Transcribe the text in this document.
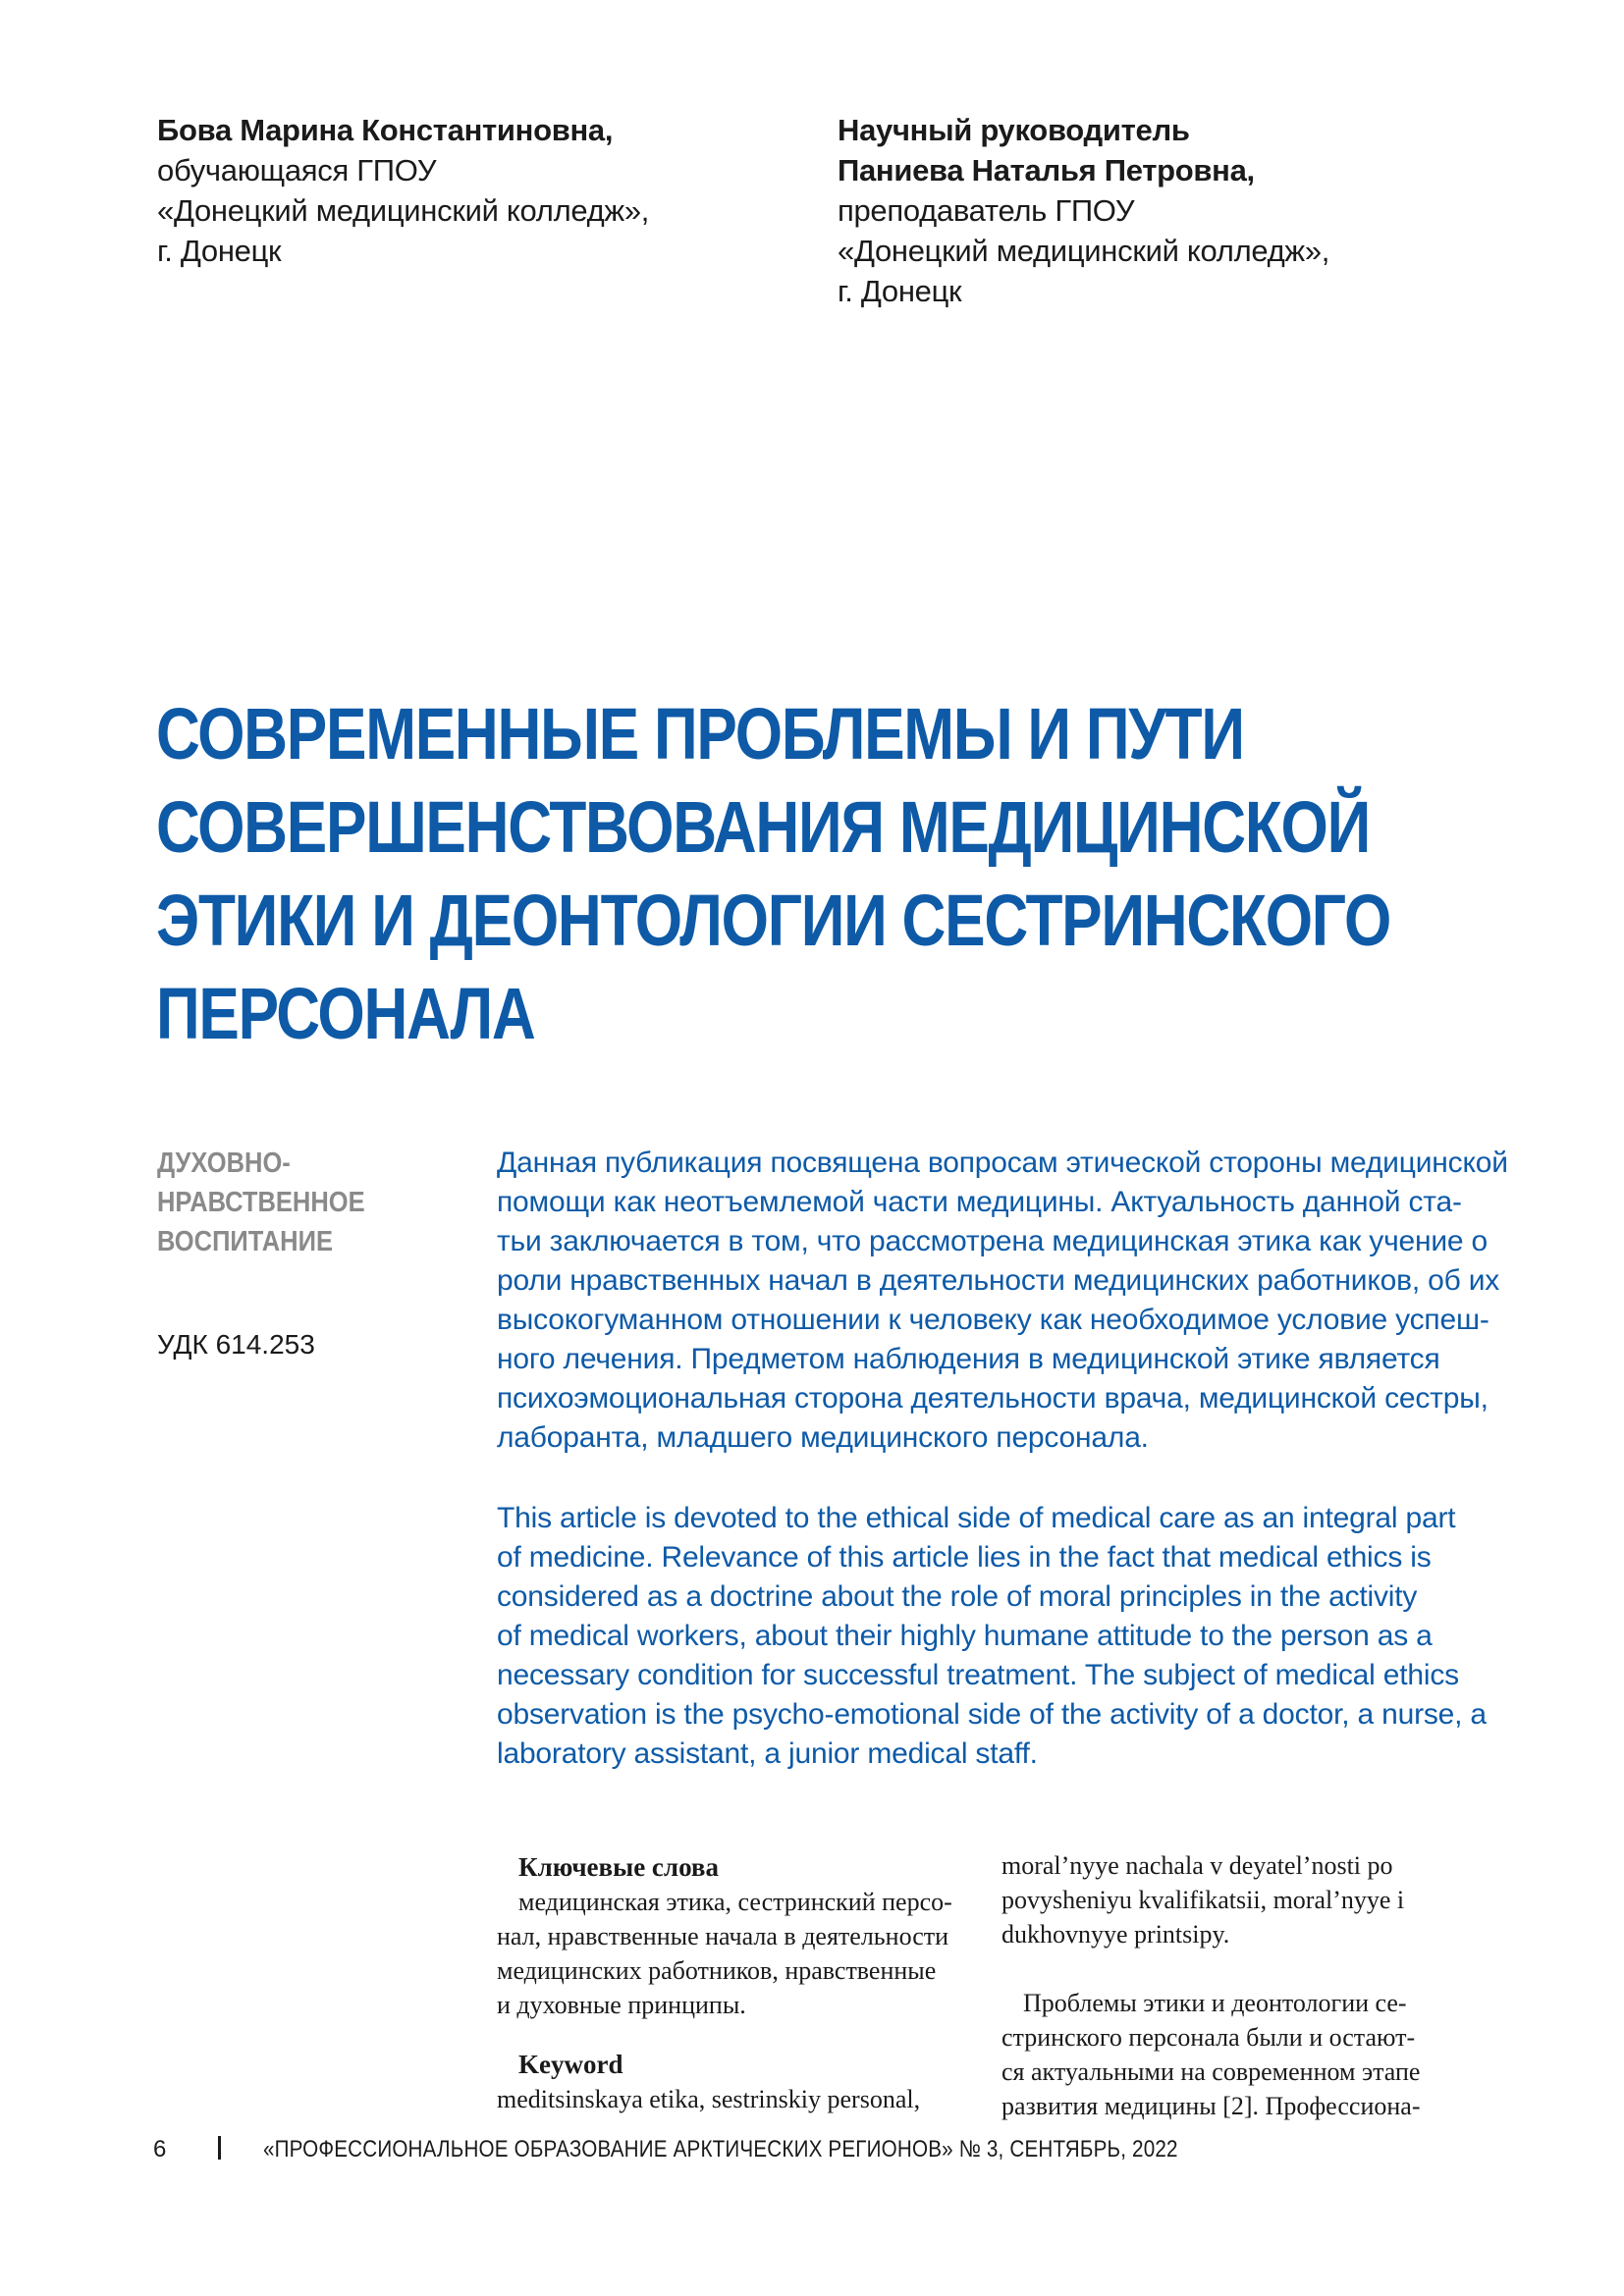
Бова Марина Константиновна,
обучающаяся ГПОУ
«Донецкий медицинский колледж»,
г. Донецк
Научный руководитель
Паниева Наталья Петровна,
преподаватель ГПОУ
«Донецкий медицинский колледж»,
г. Донецк
СОВРЕМЕННЫЕ ПРОБЛЕМЫ И ПУТИ
СОВЕРШЕНСТВОВАНИЯ МЕДИЦИНСКОЙ
ЭТИКИ И ДЕОНТОЛОГИИ СЕСТРИНСКОГО
ПЕРСОНАЛА
ДУХОВНО-
НРАВСТВЕННОЕ
ВОСПИТАНИЕ
УДК 614.253
Данная публикация посвящена вопросам этической стороны медицинской
помощи как неотъемлемой части медицины. Актуальность данной ста-
тьи заключается в том, что рассмотрена медицинская этика как учение о
роли нравственных начал в деятельности медицинских работников, об их
высокогуманном отношении к человеку как необходимое условие успеш-
ного лечения. Предметом наблюдения в медицинской этике является
психоэмоциональная сторона деятельности врача, медицинской сестры,
лаборанта, младшего медицинского персонала.
This article is devoted to the ethical side of medical care as an integral part
of medicine. Relevance of this article lies in the fact that medical ethics is
considered as a doctrine about the role of moral principles in the activity
of medical workers, about their highly humane attitude to the person as a
necessary condition for successful treatment. The subject of medical ethics
observation is the psycho-emotional side of the activity of a doctor, a nurse, a
laboratory assistant, a junior medical staff.
Ключевые слова
медицинская этика, сестринский персо-
нал, нравственные начала в деятельности
медицинских работников, нравственные
и духовные принципы.
Keyword
meditsinskaya etika, sestrinskiy personal,
moral’nyye nachala v deyatel’nosti po
povysheniyu kvalifikatsii, moral’nyye i
dukhovnyye printsipy.
Проблемы этики и деонтологии се-
стринского персонала были и остают-
ся актуальными на современном этапе
развития медицины [2]. Профессиона-
6	«ПРОФЕССИОНАЛЬНОЕ ОБРАЗОВАНИЕ АРКТИЧЕСКИХ РЕГИОНОВ» № 3, СЕНТЯБРЬ, 2022
